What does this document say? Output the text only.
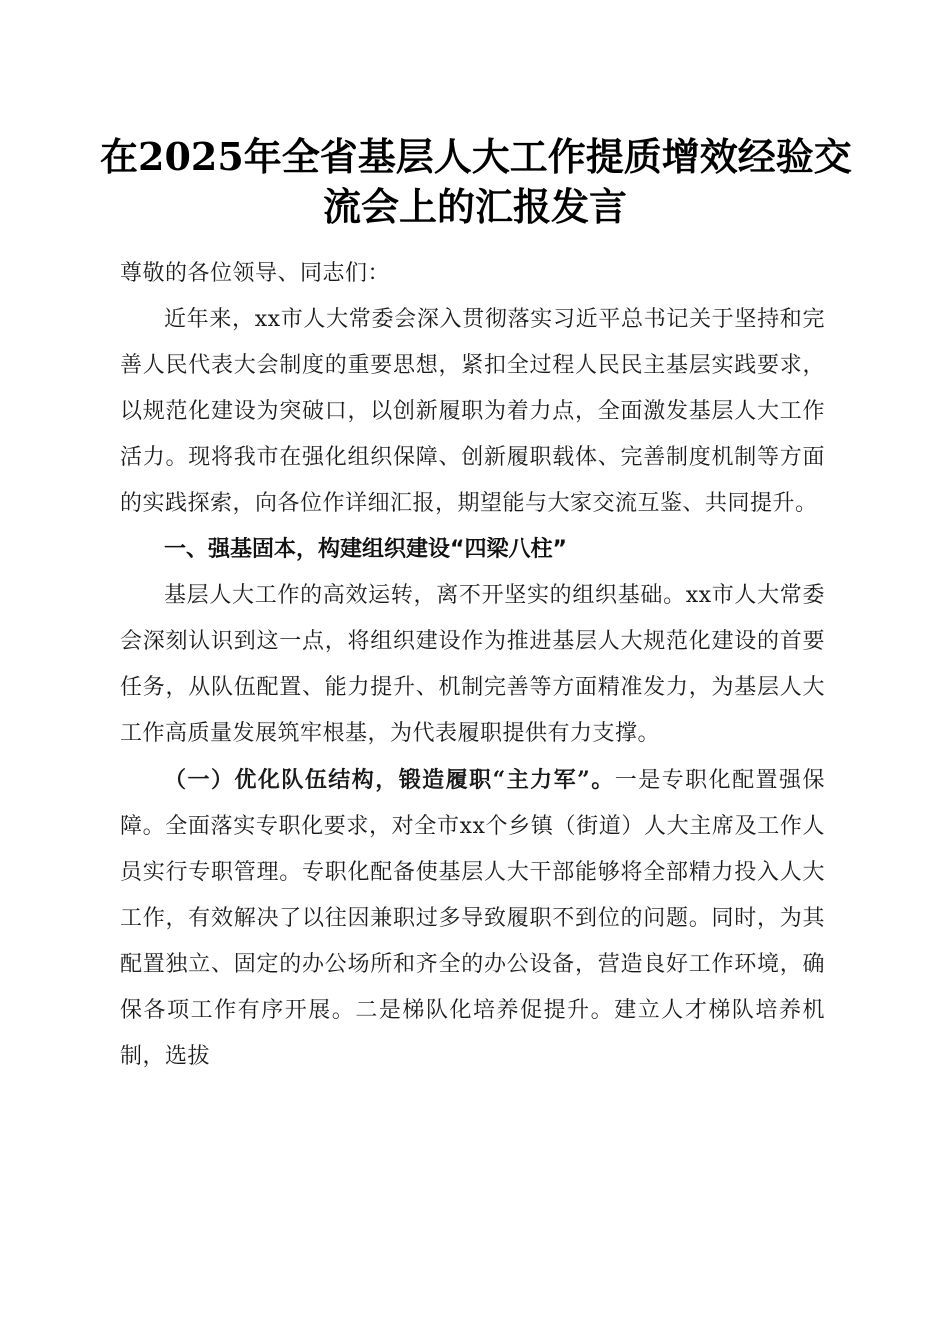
在2025年全省基层人大工作提质增效经验交
流会上的汇报发言

尊敬的各位领导、同志们：

近年来，xx市人大常委会深入贯彻落实习近平总书记关于坚持和完善人民代表大会制度的重要思想，紧扣全过程人民民主基层实践要求，以规范化建设为突破口，以创新履职为着力点，全面激发基层人大工作活力。现将我市在强化组织保障、创新履职载体、完善制度机制等方面的实践探索，向各位作详细汇报，期望能与大家交流互鉴、共同提升。

一、强基固本，构建组织建设“四梁八柱”

基层人大工作的高效运转，离不开坚实的组织基础。xx市人大常委会深刻认识到这一点，将组织建设作为推进基层人大规范化建设的首要任务，从队伍配置、能力提升、机制完善等方面精准发力，为基层人大工作高质量发展筑牢根基，为代表履职提供有力支撑。

（一）优化队伍结构，锻造履职“主力军”。一是专职化配置强保障。全面落实专职化要求，对全市xx个乡镇（街道）人大主席及工作人员实行专职管理。专职化配备使基层人大干部能够将全部精力投入人大工作，有效解决了以往因兼职过多导致履职不到位的问题。同时，为其配置独立、固定的办公场所和齐全的办公设备，营造良好工作环境，确保各项工作有序开展。二是梯队化培养促提升。建立人才梯队培养机制，选拔
